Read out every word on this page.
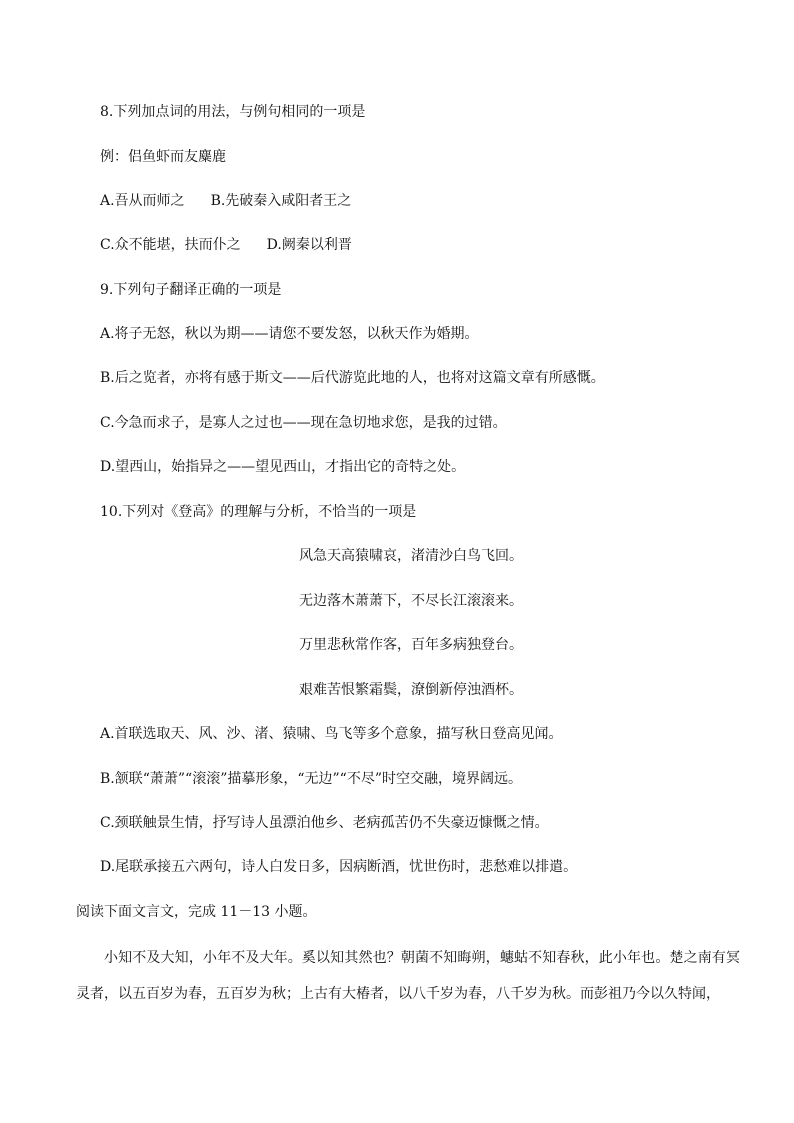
8.下列加点词的用法，与例句相同的一项是
例：侣鱼虾而友麋鹿
A.吾从而师之 B.先破秦入咸阳者王之
C.众不能堪，扶而仆之 D.阙秦以利晋
9.下列句子翻译正确的一项是
A.将子无怒，秋以为期——请您不要发怒，以秋天作为婚期。
B.后之览者，亦将有感于斯文——后代游览此地的人，也将对这篇文章有所感慨。
C.今急而求子，是寡人之过也——现在急切地求您，是我的过错。
D.望西山，始指异之——望见西山，才指出它的奇特之处。
10.下列对《登高》的理解与分析，不恰当的一项是
风急天高猿啸哀，渚清沙白鸟飞回。
无边落木萧萧下，不尽长江滚滚来。
万里悲秋常作客，百年多病独登台。
艰难苦恨繁霜鬓，潦倒新停浊酒杯。
A.首联选取天、风、沙、渚、猿啸、鸟飞等多个意象，描写秋日登高见闻。
B.颔联“萧萧”“滚滚”描摹形象，“无边”“不尽”时空交融，境界阔远。
C.颈联触景生情，抒写诗人虽漂泊他乡、老病孤苦仍不失豪迈慷慨之情。
D.尾联承接五六两句，诗人白发日多，因病断酒，忧世伤时，悲愁难以排遣。
阅读下面文言文，完成 11－13 小题。
小知不及大知，小年不及大年。奚以知其然也？朝菌不知晦朔，蟪蛄不知春秋，此小年也。楚之南有冥灵者，以五百岁为春，五百岁为秋；上古有大椿者，以八千岁为春，八千岁为秋。而彭祖乃今以久特闻，
